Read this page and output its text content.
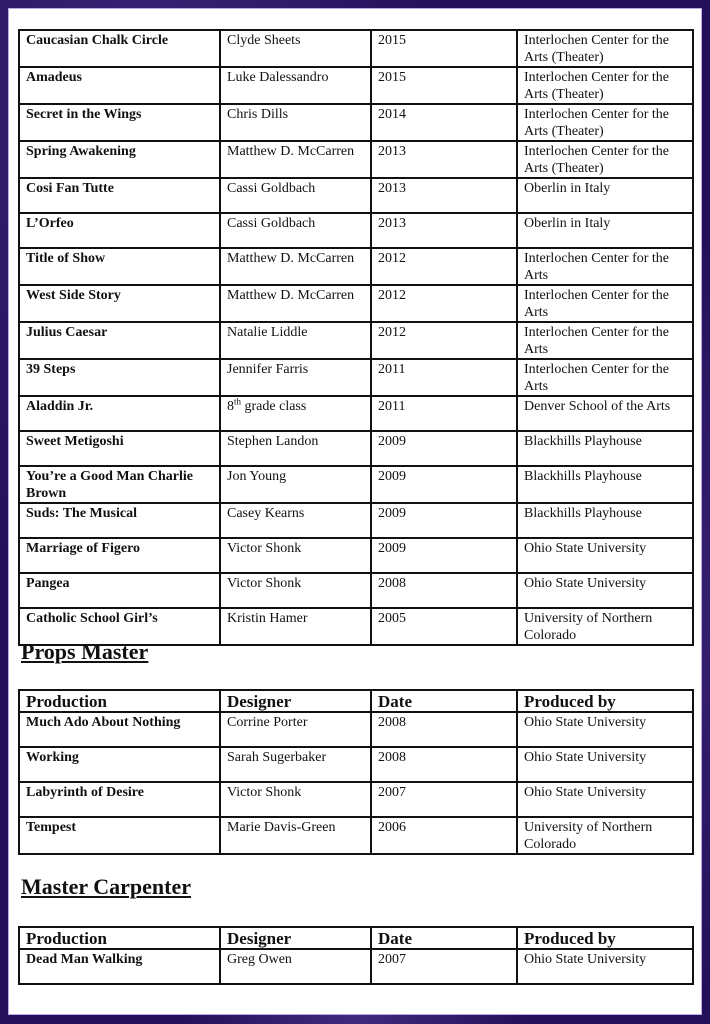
Caucasian Chalk Circle	Clyde Sheets	2015	Interlochen Center for the Arts (Theater)
Amadeus	Luke Dalessandro	2015	Interlochen Center for the Arts (Theater)
Secret in the Wings	Chris Dills	2014	Interlochen Center for the Arts (Theater)
Spring Awakening	Matthew D. McCarren	2013	Interlochen Center for the Arts (Theater)
Cosi Fan Tutte	Cassi Goldbach	2013	Oberlin in Italy
L’Orfeo	Cassi Goldbach	2013	Oberlin in Italy
Title of Show	Matthew D. McCarren	2012	Interlochen Center for the Arts
West Side Story	Matthew D. McCarren	2012	Interlochen Center for the Arts
Julius Caesar	Natalie Liddle	2012	Interlochen Center for the Arts
39 Steps	Jennifer Farris	2011	Interlochen Center for the Arts
Aladdin Jr.	8th grade class	2011	Denver School of the Arts
Sweet Metigoshi	Stephen Landon	2009	Blackhills Playhouse
You’re a Good Man Charlie Brown	Jon Young	2009	Blackhills Playhouse
Suds: The Musical	Casey Kearns	2009	Blackhills Playhouse
Marriage of Figero	Victor Shonk	2009	Ohio State University
Pangea	Victor Shonk	2008	Ohio State University
Catholic School Girl’s	Kristin Hamer	2005	University of Northern Colorado
Props Master
Production	Designer	Date	Produced by
Much Ado About Nothing	Corrine Porter	2008	Ohio State University
Working	Sarah Sugerbaker	2008	Ohio State University
Labyrinth of Desire	Victor Shonk	2007	Ohio State University
Tempest	Marie Davis-Green	2006	University of Northern Colorado
Master Carpenter
Production	Designer	Date	Produced by
Dead Man Walking	Greg Owen	2007	Ohio State University
